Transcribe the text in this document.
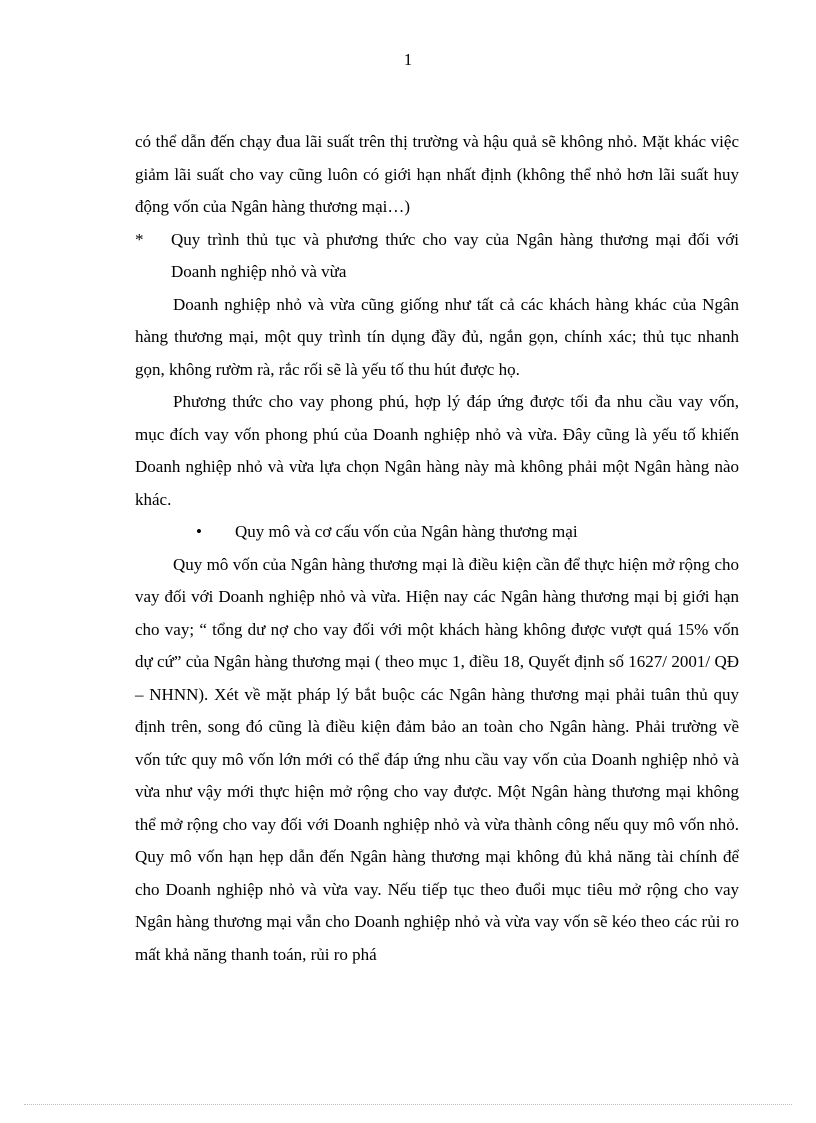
1

có thể dẫn đến chạy đua lãi suất trên thị trường và hậu quả sẽ không nhỏ. Mặt khác việc giảm lãi suất cho vay cũng luôn có giới hạn nhất định (không thể nhỏ hơn lãi suất huy động vốn của Ngân hàng thương mại…)

*	Quy trình thủ tục và phương thức cho vay của Ngân hàng thương mại đối với Doanh nghiệp nhỏ và vừa

Doanh nghiệp nhỏ và vừa cũng giống như tất cả các khách hàng khác của Ngân hàng thương mại, một quy trình tín dụng đầy đủ, ngắn gọn, chính xác; thủ tục nhanh gọn, không rườm rà, rắc rối sẽ là yếu tố thu hút được họ.

Phương thức cho vay phong phú, hợp lý đáp ứng được tối đa nhu cầu vay vốn, mục đích vay vốn phong phú của Doanh nghiệp nhỏ và vừa. Đây cũng là yếu tố khiến Doanh nghiệp nhỏ và vừa lựa chọn Ngân hàng này mà không phải một Ngân hàng nào khác.

•	Quy mô và cơ cấu vốn của Ngân hàng thương mại

Quy mô vốn của Ngân hàng thương mại là điều kiện cần để thực hiện mở rộng cho vay đối với Doanh nghiệp nhỏ và vừa. Hiện nay các Ngân hàng thương mại bị giới hạn cho vay; “ tổng dư nợ cho vay đối với một khách hàng không được vượt quá 15% vốn dự cứ” của Ngân hàng thương mại ( theo mục 1, điều 18, Quyết định số 1627/ 2001/ QĐ – NHNN). Xét về mặt pháp lý bắt buộc các Ngân hàng thương mại phải tuân thủ quy định trên, song đó cũng là điều kiện đảm bảo an toàn cho Ngân hàng. Phải trường về vốn tức quy mô vốn lớn mới có thể đáp ứng nhu cầu vay vốn của Doanh nghiệp nhỏ và vừa như vậy mới thực hiện mở rộng cho vay được. Một Ngân hàng thương mại không thể mở rộng cho vay đối với Doanh nghiệp nhỏ và vừa thành công nếu quy mô vốn nhỏ. Quy mô vốn hạn hẹp dẫn đến Ngân hàng thương mại không đủ khả năng tài chính để cho Doanh nghiệp nhỏ và vừa vay. Nếu tiếp tục theo đuổi mục tiêu mở rộng cho vay Ngân hàng thương mại vẫn cho Doanh nghiệp nhỏ và vừa vay vốn sẽ kéo theo các rủi ro mất khả năng thanh toán, rủi ro phá
